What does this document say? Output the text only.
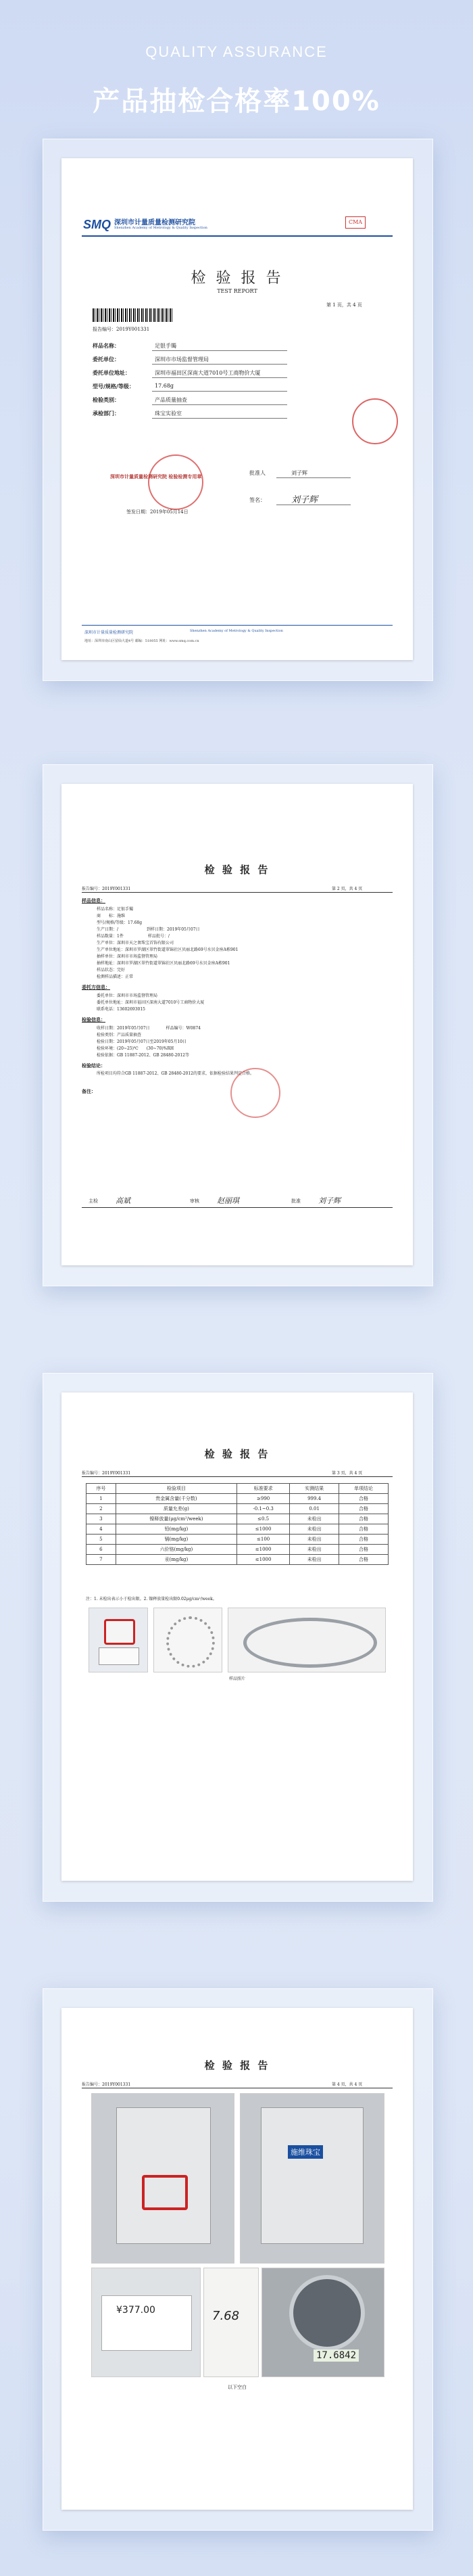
QUALITY ASSURANCE
产品抽检合格率100%
SMQ 深圳市计量质量检测研究院
Shenzhen Academy of Metrology & Quality Inspection
CMA
检 验 报 告
TEST REPORT
第 1 页，共 4 页
报告编号：2019Y001331
样品名称：	足银手镯
委托单位：	深圳市市场监督管理局
委托单位地址：	深圳市福田区深南大道7010号工商物价大厦
型号/规格/等级：	17.68g
检验类别：	产品质量抽查
承检部门：	珠宝实验室
深圳市计量质量检测研究院 检验检测专用章
签发日期：2019年05月14日
批准人	刘子辉
签名：	刘子辉
深圳市计量质量检测研究院	Shenzhen Academy of Metrology & Quality Inspection
地址：深圳市南山区留仙大道4号 邮编：518055 网址：www.smq.com.cn
检 验 报 告
报告编号：2019Y001331	第 2 页，共 4 页
样品信息：
样品名称：足银手镯
商　　标：施维
型号/规格/等级：17.68g
生产日期：/　　　　　　　到样日期：2019年05月07日
样品数量：1件　　　　　　样品批号：/
生产单位：深圳市天之奢珠宝首饰有限公司
生产单位地址：深圳市罗湖区翠竹街道翠锦社区贝丽北路69号水贝金座A栋901
抽样单位：深圳市市场监督管理局
抽样地址：深圳市罗湖区翠竹街道翠锦社区贝丽北路69号水贝金座A栋901
样品状态：完好
检测样品描述：正常
委托方信息：
委托单位：深圳市市场监督管理局
委托单位地址：深圳市福田区深南大道7010号工商物价大厦
联系电话：13602693015
检验信息：
收样日期：2019年05月07日　　　　样品编号：W0874
检验类别：产品质量抽查
检验日期：2019年05月07日至2019年05月10日
检验环境：(20~25)℃　　(30~70)%RH
检验依据：GB 11887-2012、GB 28480-2012等
检验结论：
所检项目均符合GB 11887-2012、GB 28480-2012的要求，依据检验结果判定合格。
备注：
主检 高斌	审核 赵丽琪	批准 刘子辉
检 验 报 告
报告编号：2019Y001331	第 3 页，共 4 页
序号	检验项目	标准要求	实测结果	单项结论
1	贵金属含量(千分数)	≥990	999.4	合格
2	质量允差(g)	-0.1~0.3	0.01	合格
3	镍释放量(μg/cm²/week)	≤0.5	未检出	合格
4	铅(mg/kg)	≤1000	未检出	合格
5	镉(mg/kg)	≤100	未检出	合格
6	六价铬(mg/kg)	≤1000	未检出	合格
7	汞(mg/kg)	≤1000	未检出	合格
注：1. 未检出表示小于检出限。2. 镍释放量检出限0.02μg/cm²/week。
样品照片
检 验 报 告
报告编号：2019Y001331	第 4 页，共 4 页
施维珠宝
¥377.00	7.68
17.6842
以下空白
